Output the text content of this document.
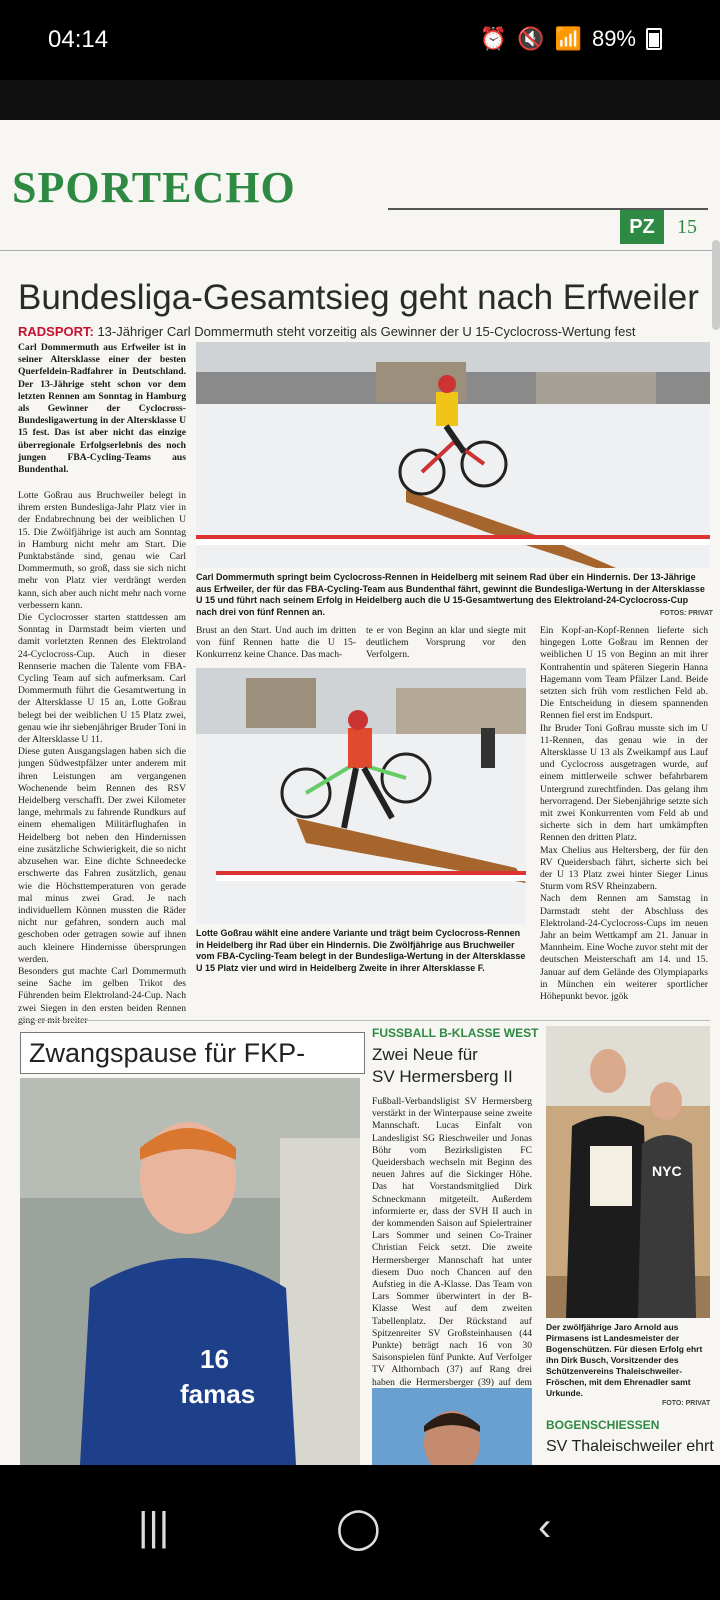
04:14	⏰ 🔇 📶 89%
SPORTECHO
PZ	15
Bundesliga-Gesamtsieg geht nach Erfweiler
RADSPORT: 13-Jähriger Carl Dommermuth steht vorzeitig als Gewinner der U 15-Cyclocross-Wertung fest
Carl Dommermuth aus Erfweiler ist in seiner Altersklasse einer der besten Querfeldein-Radfahrer in Deutschland. Der 13-Jährige steht schon vor dem letzten Rennen am Sonntag in Hamburg als Gewinner der Cyclocross-Bundesligawertung in der Altersklasse U 15 fest. Das ist aber nicht das einzige überregionale Erfolgserlebnis des noch jungen FBA-Cycling-Teams aus Bundenthal.
Lotte Goßrau aus Bruchweiler belegt in ihrem ersten Bundesliga-Jahr Platz vier in der Endabrechnung bei der weiblichen U 15. Die Zwölfjährige ist auch am Sonntag in Hamburg nicht mehr am Start. Die Punktabstände sind, genau wie Carl Dommermuth, so groß, dass sie sich nicht mehr von Platz vier verdrängt werden kann, sich aber auch nicht mehr nach vorne verbessern kann.
Die Cyclocrosser starten stattdessen am Sonntag in Darmstadt beim vierten und damit vorletzten Rennen des Elektroland 24-Cyclocross-Cup. Auch in dieser Rennserie machen die Talente vom FBA-Cycling Team auf sich aufmerksam. Carl Dommermuth führt die Gesamtwertung in der Altersklasse U 15 an, Lotte Goßrau belegt bei der weiblichen U 15 Platz zwei, genau wie ihr siebenjähriger Bruder Toni in der Altersklasse U 11.
Diese guten Ausgangslagen haben sich die jungen Südwestpfälzer unter anderem mit ihren Leistungen am vergangenen Wochenende beim Rennen des RSV Heidelberg verschafft. Der zwei Kilometer lange, mehrmals zu fahrende Rundkurs auf einem ehemaligen Militärflughafen in Heidelberg bot neben den Hindernissen eine zusätzliche Schwierigkeit, die so nicht abzusehen war. Eine dichte Schneedecke erschwerte das Fahren zusätzlich, genau wie die Höchsttemperaturen von gerade mal minus zwei Grad. Je nach individuellem Können mussten die Räder nicht nur gefahren, sondern auch mal geschoben oder getragen sowie auf ihnen auch kleinere Hindernisse übersprungen werden.
Besonders gut machte Carl Dommermuth seine Sache im gelben Trikot des Führenden beim Elektroland-24-Cup. Nach zwei Siegen in den ersten beiden Rennen ging er mit breiter
Carl Dommermuth springt beim Cyclocross-Rennen in Heidelberg mit seinem Rad über ein Hindernis. Der 13-Jährige aus Erfweiler, der für das FBA-Cycling-Team aus Bundenthal fährt, gewinnt die Bundesliga-Wertung in der Altersklasse U 15 und führt nach seinem Erfolg in Heidelberg auch die U 15-Gesamtwertung des Elektroland-24-Cyclocross-Cup nach drei von fünf Rennen an.	FOTOS: PRIVAT
Brust an den Start. Und auch im dritten von fünf Rennen hatte die U 15-Konkurrenz keine Chance. Das mach-
te er von Beginn an klar und siegte mit deutlichem Vorsprung vor den Verfolgern.
Lotte Goßrau wählt eine andere Variante und trägt beim Cyclocross-Rennen in Heidelberg ihr Rad über ein Hindernis. Die Zwölfjährige aus Bruchweiler vom FBA-Cycling-Team belegt in der Bundesliga-Wertung in der Altersklasse U 15 Platz vier und wird in Heidelberg Zweite in ihrer Altersklasse F.
Ein Kopf-an-Kopf-Rennen lieferte sich hingegen Lotte Goßrau im Rennen der weiblichen U 15 von Beginn an mit ihrer Kontrahentin und späteren Siegerin Hanna Hagemann vom Team Pfälzer Land. Beide setzten sich früh vom restlichen Feld ab. Die Entscheidung in diesem spannenden Rennen fiel erst im Endspurt.
Ihr Bruder Toni Goßrau musste sich im U 11-Rennen, das genau wie in der Altersklasse U 13 als Zweikampf aus Lauf und Cyclocross ausgetragen wurde, auf einem mittlerweile schwer befahrbarem Untergrund zurechtfinden. Das gelang ihm hervorragend. Der Siebenjährige setzte sich mit zwei Konkurrenten vom Feld ab und sicherte sich in dem hart umkämpften Rennen den dritten Platz.
Max Chelius aus Heltersberg, der für den RV Queidersbach fährt, sicherte sich bei der U 13 Platz zwei hinter Sieger Linus Sturm vom RSV Rheinzabern.
Nach dem Rennen am Samstag in Darmstadt steht der Abschluss des Elektroland-24-Cyclocross-Cups im neuen Jahr an beim Wettkampf am 21. Januar in Mannheim. Eine Woche zuvor steht mit der deutschen Meisterschaft am 14. und 15. Januar auf dem Gelände des Olympiaparks in München ein weiterer sportlicher Höhepunkt bevor. jgök
Zwangspause für FKP-
16
famas
FUSSBALL B-KLASSE WEST
Zwei Neue für
SV Hermersberg II
Fußball-Verbandsligist SV Hermersberg verstärkt in der Winterpause seine zweite Mannschaft. Lucas Einfalt von Landesligist SG Rieschweiler und Jonas Böhr vom Bezirksligisten FC Queidersbach wechseln mit Beginn des neuen Jahres auf die Sickinger Höhe. Das hat Vorstandsmitglied Dirk Schneckmann mitgeteilt. Außerdem informierte er, dass der SVH II auch in der kommenden Saison auf Spielertrainer Lars Sommer und seinen Co-Trainer Christian Feick setzt. Die zweite Hermersberger Mannschaft hat unter diesem Duo noch Chancen auf den Aufstieg in die A-Klasse. Das Team von Lars Sommer überwintert in der B-Klasse West auf dem zweiten Tabellenplatz. Der Rückstand auf Spitzenreiter SV Großsteinhausen (44 Punkte) beträgt nach 16 von 30 Saisonspielen fünf Punkte. Auf Verfolger TV Althornbach (37) auf Rang drei haben die Hermersberger (39) auf dem
NYC
Der zwölfjährige Jaro Arnold aus Pirmasens ist Landesmeister der Bogenschützen. Für diesen Erfolg ehrt ihn Dirk Busch, Vorsitzender des Schützenvereins Thaleischweiler-Fröschen, mit dem Ehrenadler samt Urkunde.
FOTO: PRIVAT
BOGENSCHIESSEN
SV Thaleischweiler ehrt
|||	◯	‹
